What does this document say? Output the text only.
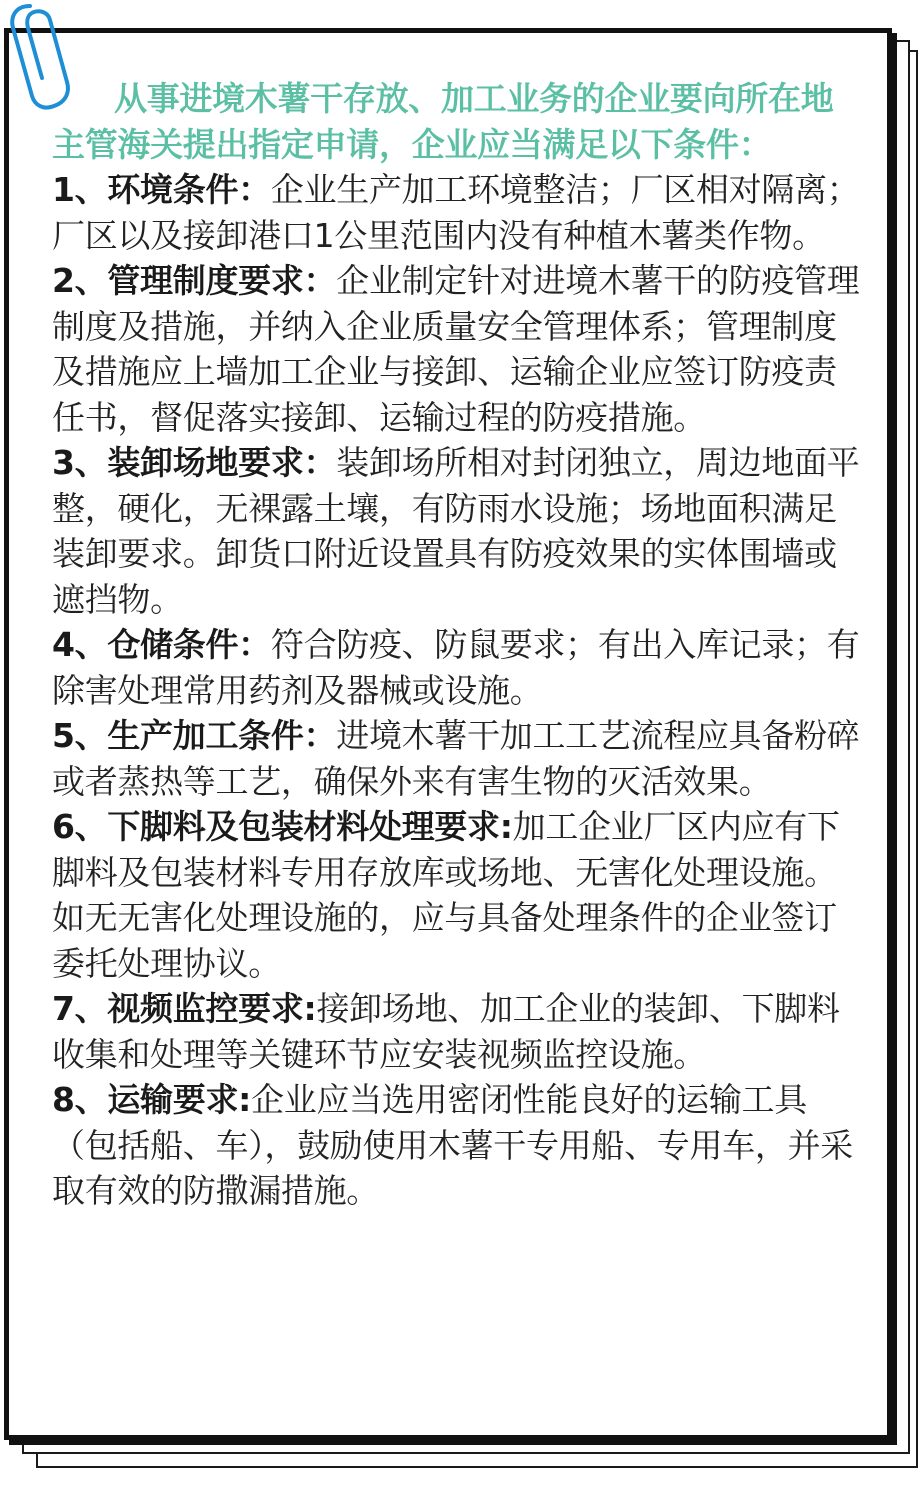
从事进境木薯干存放、加工业务的企业要向所在地主管海关提出指定申请，企业应当满足以下条件：

1、环境条件：企业生产加工环境整洁；厂区相对隔离；厂区以及接卸港口1公里范围内没有种植木薯类作物。

2、管理制度要求：企业制定针对进境木薯干的防疫管理制度及措施，并纳入企业质量安全管理体系；管理制度及措施应上墙加工企业与接卸、运输企业应签订防疫责任书，督促落实接卸、运输过程的防疫措施。

3、装卸场地要求：装卸场所相对封闭独立，周边地面平整，硬化，无裸露土壤，有防雨水设施；场地面积满足装卸要求。卸货口附近设置具有防疫效果的实体围墙或遮挡物。

4、仓储条件：符合防疫、防鼠要求；有出入库记录；有除害处理常用药剂及器械或设施。

5、生产加工条件：进境木薯干加工工艺流程应具备粉碎或者蒸热等工艺，确保外来有害生物的灭活效果。

6、下脚料及包装材料处理要求:加工企业厂区内应有下脚料及包装材料专用存放库或场地、无害化处理设施。如无无害化处理设施的，应与具备处理条件的企业签订委托处理协议。

7、视频监控要求:接卸场地、加工企业的装卸、下脚料收集和处理等关键环节应安装视频监控设施。

8、运输要求:企业应当选用密闭性能良好的运输工具（包括船、车），鼓励使用木薯干专用船、专用车，并采取有效的防撒漏措施。
